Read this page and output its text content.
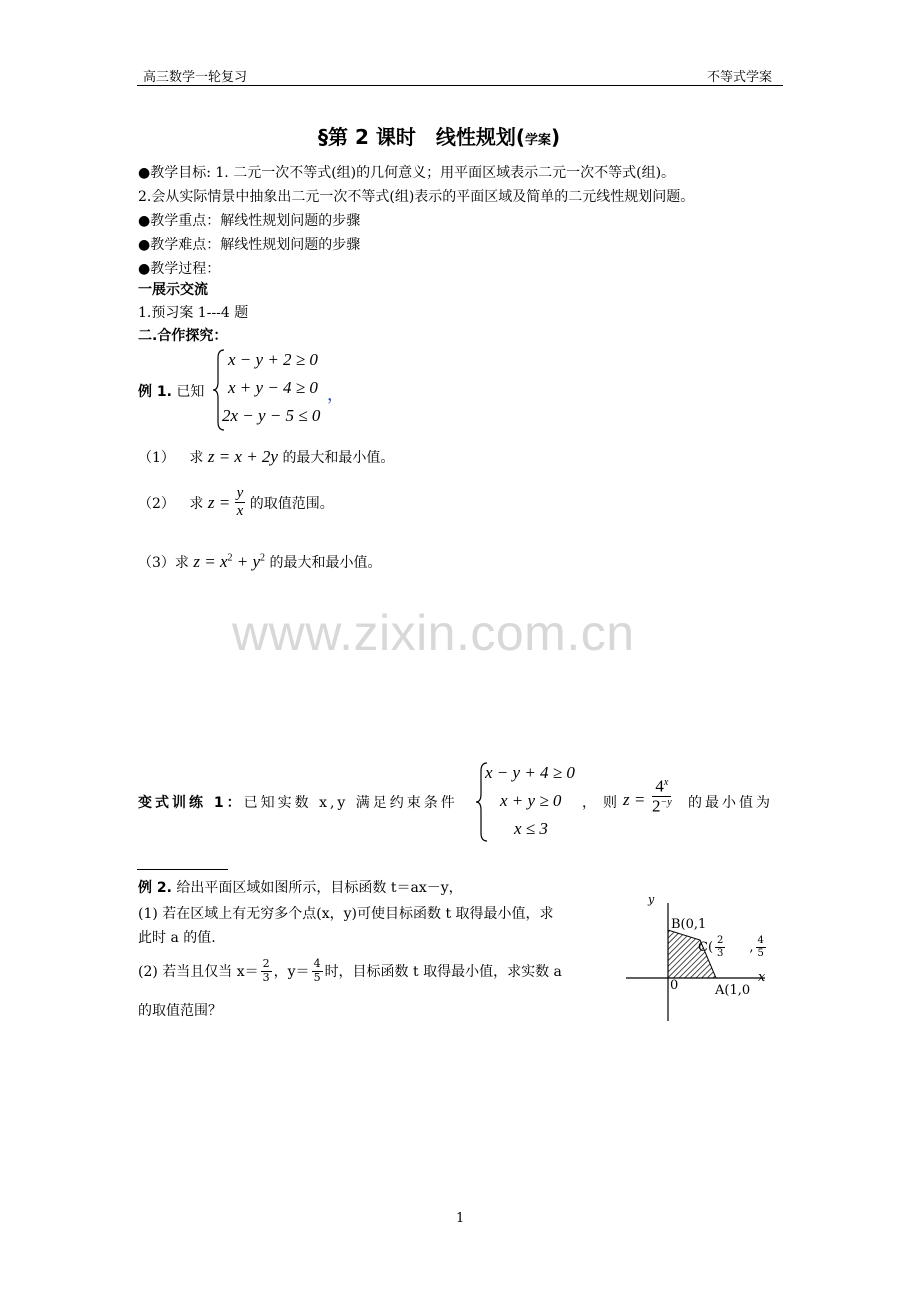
高三数学一轮复习	不等式学案
§第 2 课时　线性规划(学案)
●教学目标: 1. 二元一次不等式(组)的几何意义；用平面区域表示二元一次不等式(组)。
2.会从实际情景中抽象出二元一次不等式(组)表示的平面区域及简单的二元线性规划问题。
●教学重点：解线性规划问题的步骤
●教学难点：解线性规划问题的步骤
●教学过程：
一展示交流
1.预习案 1---4 题
二.合作探究：
例 1. 已知
x − y + 2 ≥ 0
x + y − 4 ≥ 0 ，
2x − y − 5 ≤ 0
（1） 求 z = x + 2y 的最大和最小值。
（2） 求 $z = \frac{y}{x}$ 的取值范围。
（3）求 $z = x^2 + y^2$ 的最大和最小值。
www.zixin.com.cn
变式训练 1：已知实数 x,y 满足约束条件
x − y + 4 ≥ 0
x + y ≥ 0
x ≤ 3
，　则 $z = \frac{4^x}{2^{-y}}$ 的最小值为
例 2. 给出平面区域如图所示，目标函数 t＝ax－y，
(1) 若在区域上有无穷多个点(x，y)可使目标函数 t 取得最小值，求
此时 a 的值.
(2) 若当且仅当 $x= \frac{2}{3}$ ，$y= \frac{4}{5}$ 时，目标函数 t 取得最小值，求实数 a
的取值范围？
y
x
0
B(0,1
$C( \frac{2}{3}$ , $\frac{4}{5}$
A(1,0
1
